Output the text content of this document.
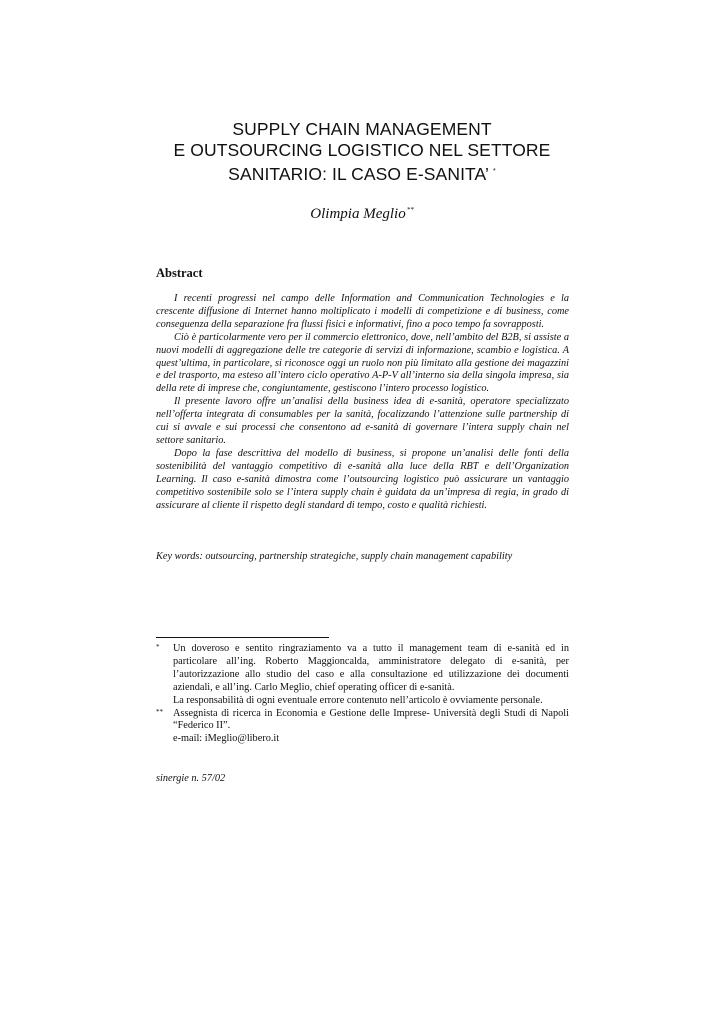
SUPPLY CHAIN MANAGEMENT
E OUTSOURCING LOGISTICO NEL SETTORE
SANITARIO: IL CASO E-SANITA’ *
Olimpia Meglio**
Abstract

I recenti progressi nel campo delle Information and Communication Technologies e la crescente diffusione di Internet hanno moltiplicato i modelli di competizione e di business, come conseguenza della separazione fra flussi fisici e informativi, fino a poco tempo fa sovrapposti.

Ciò è particolarmente vero per il commercio elettronico, dove, nell’ambito del B2B, si assiste a nuovi modelli di aggregazione delle tre categorie di servizi di informazione, scambio e logistica. A quest’ultima, in particolare, si riconosce oggi un ruolo non più limitato alla gestione dei magazzini e del trasporto, ma esteso all’intero ciclo operativo A-P-V all’interno sia della singola impresa, sia della rete di imprese che, congiuntamente, gestiscono l’intero processo logistico.

Il presente lavoro offre un’analisi della business idea di e-sanità, operatore specializzato nell’offerta integrata di consumables per la sanità, focalizzando l’attenzione sulle partnership di cui si avvale e sui processi che consentono ad e-sanità di governare l’intera supply chain nel settore sanitario.

Dopo la fase descrittiva del modello di business, si propone un’analisi delle fonti della sostenibilità del vantaggio competitivo di e-sanità alla luce della RBT e dell’Organization Learning. Il caso e-sanità dimostra come l’outsourcing logistico può assicurare un vantaggio competitivo sostenibile solo se l’intera supply chain è guidata da un’impresa di regia, in grado di assicurare al cliente il rispetto degli standard di tempo, costo e qualità richiesti.

Key words: outsourcing, partnership strategiche, supply chain management capability
* Un doveroso e sentito ringraziamento va a tutto il management team di e-sanità ed in particolare all’ing. Roberto Maggioncalda, amministratore delegato di e-sanità, per l’autorizzazione allo studio del caso e alla consultazione ed utilizzazione dei documenti aziendali, e all’ing. Carlo Meglio, chief operating officer di e-sanità.
La responsabilità di ogni eventuale errore contenuto nell’articolo è ovviamente personale.
** Assegnista di ricerca in Economia e Gestione delle Imprese- Università degli Studi di Napoli “Federico II”.
e-mail: iMeglio@libero.it
sinergie n. 57/02
